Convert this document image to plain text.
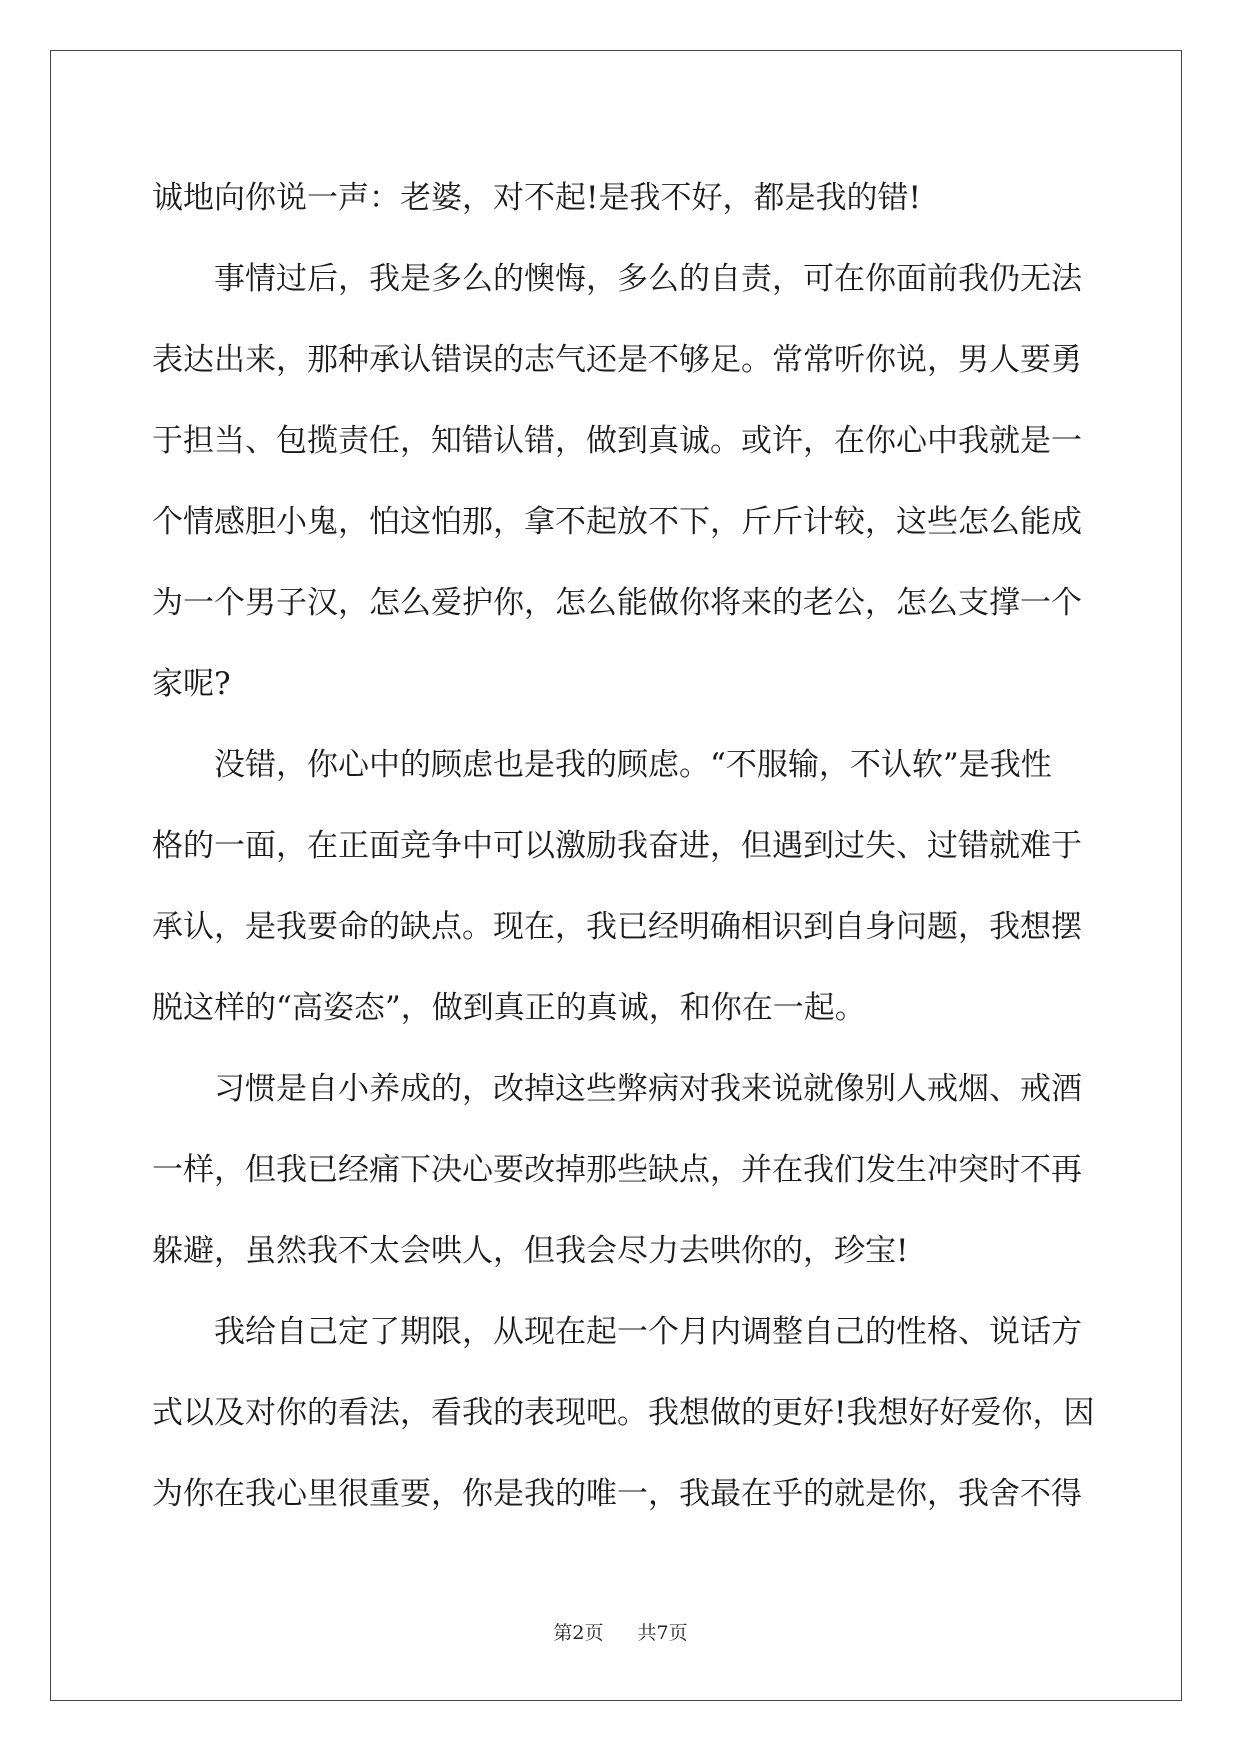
诚地向你说一声：老婆，对不起!是我不好，都是我的错!

事情过后，我是多么的懊悔，多么的自责，可在你面前我仍无法

表达出来，那种承认错误的志气还是不够足。常常听你说，男人要勇

于担当、包揽责任，知错认错，做到真诚。或许，在你心中我就是一

个情感胆小鬼，怕这怕那，拿不起放不下，斤斤计较，这些怎么能成

为一个男子汉，怎么爱护你，怎么能做你将来的老公，怎么支撑一个

家呢?

没错，你心中的顾虑也是我的顾虑。“不服输，不认软”是我性

格的一面，在正面竞争中可以激励我奋进，但遇到过失、过错就难于

承认，是我要命的缺点。现在，我已经明确相识到自身问题，我想摆

脱这样的“高姿态”，做到真正的真诚，和你在一起。

习惯是自小养成的，改掉这些弊病对我来说就像别人戒烟、戒酒

一样，但我已经痛下决心要改掉那些缺点，并在我们发生冲突时不再

躲避，虽然我不太会哄人，但我会尽力去哄你的，珍宝!

我给自己定了期限，从现在起一个月内调整自己的性格、说话方

式以及对你的看法，看我的表现吧。我想做的更好!我想好好爱你，因

为你在我心里很重要，你是我的唯一，我最在乎的就是你，我舍不得

第2页 共7页
